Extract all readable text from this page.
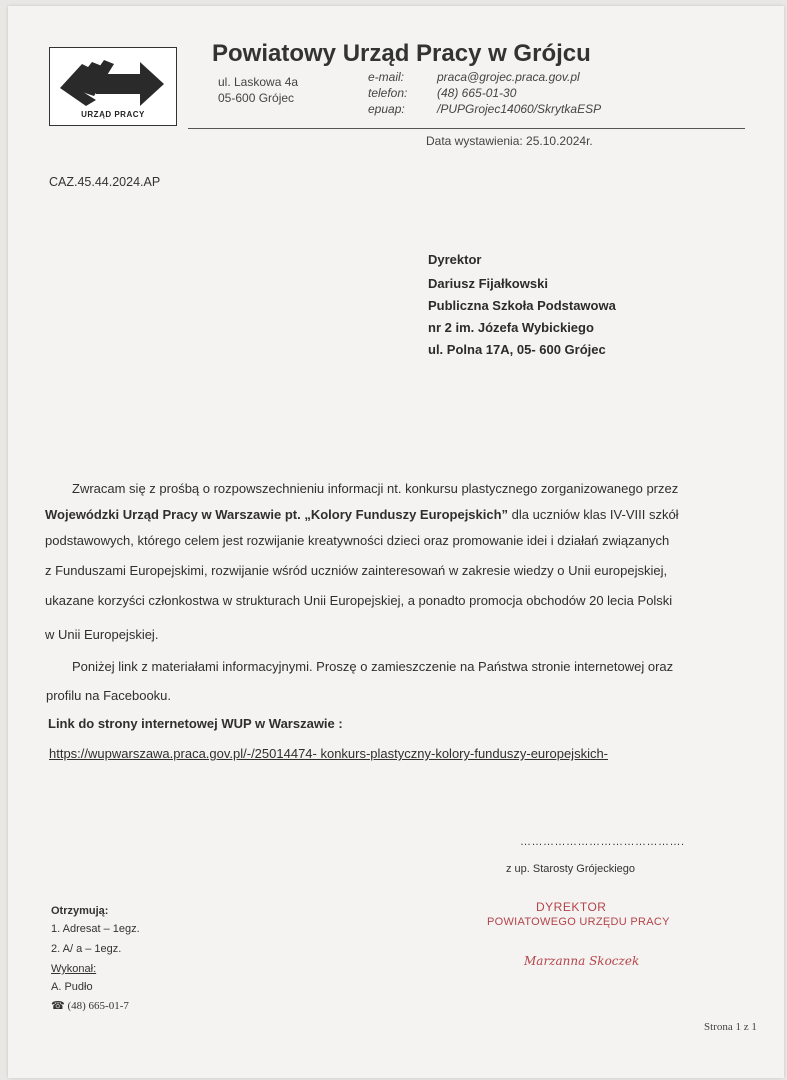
URZĄD PRACY
Powiatowy Urząd Pracy w Grójcu
ul. Laskowa 4a
05-600 Grójec
e-mail:	praca@grojec.praca.gov.pl
telefon: (48) 665-01-30
epuap:	/PUPGrojec14060/SkrytkaESP
Data wystawienia: 25.10.2024r.
CAZ.45.44.2024.AP
Dyrektor
Dariusz Fijałkowski
Publiczna Szkoła Podstawowa
nr 2 im. Józefa Wybickiego
ul. Polna 17A, 05- 600 Grójec
Zwracam się z prośbą o rozpowszechnieniu informacji nt. konkursu plastycznego zorganizowanego przez
Wojewódzki Urząd Pracy w Warszawie pt. „Kolory Funduszy Europejskich” dla uczniów klas IV-VIII szkół
podstawowych, którego celem jest rozwijanie kreatywności dzieci oraz promowanie idei i działań związanych
z Funduszami Europejskimi, rozwijanie wśród uczniów zainteresowań w zakresie wiedzy o Unii europejskiej,
ukazane korzyści członkostwa w strukturach Unii Europejskiej, a ponadto promocja obchodów 20 lecia Polski
w Unii Europejskiej.
Poniżej link z materiałami informacyjnymi. Proszę o zamieszczenie na Państwa stronie internetowej oraz
profilu na Facebooku.
Link do strony internetowej WUP w Warszawie :
https://wupwarszawa.praca.gov.pl/-/25014474- konkurs-plastyczny-kolory-funduszy-europejskich-
…………………………………….
z up. Starosty Grójeckiego
DYREKTOR
POWIATOWEGO URZĘDU PRACY
Marzanna Skoczek
Otrzymują:
1. Adresat – 1egz.
2. A/ a – 1egz.
Wykonał:
A. Pudło
☎ (48) 665-01-7
Strona 1 z 1
